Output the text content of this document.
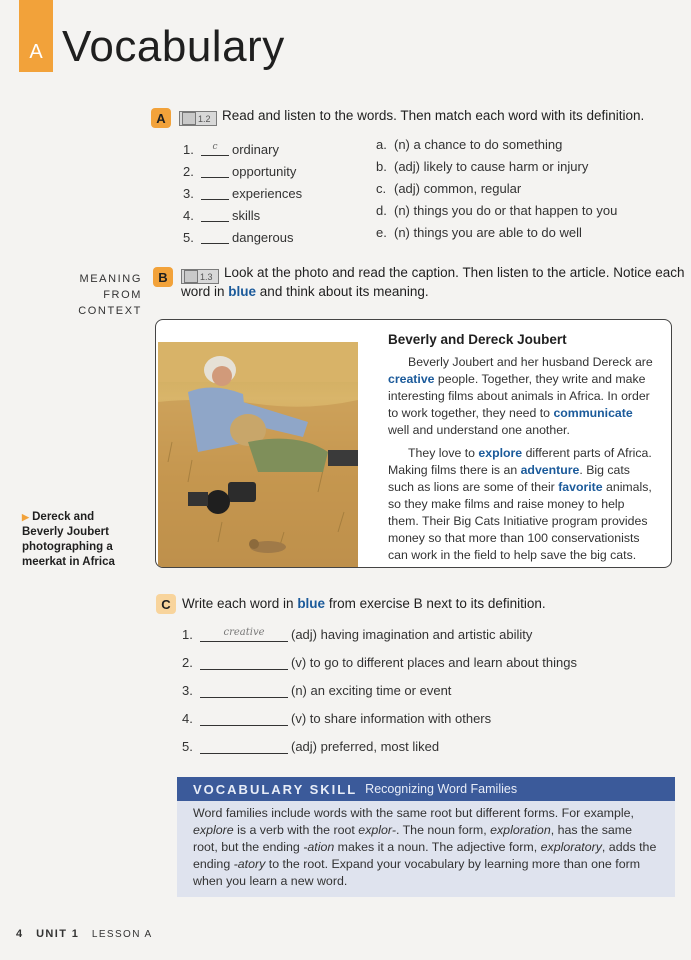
A Vocabulary
A	1.2 Read and listen to the words. Then match each word with its definition.
1.	c	ordinary
2.	opportunity
3.	experiences
4.	skills
5.	dangerous
a. (n) a chance to do something
b. (adj) likely to cause harm or injury
c. (adj) common, regular
d. (n) things you do or that happen to you
e. (n) things you are able to do well
MEANING FROM
CONTEXT
B	1.3 Look at the photo and read the caption. Then listen to the article. Notice each
word in blue and think about its meaning.
Beverly and Dereck Joubert

Beverly Joubert and her husband Dereck are creative people. Together, they write and make interesting films about animals in Africa. In order to work together, they need to communicate well and understand one another.

They love to explore different parts of Africa. Making films there is an adventure. Big cats such as lions are some of their favorite animals, so they make films and raise money to help them. Their Big Cats Initiative program provides money so that more than 100 conservationists can work in the field to help save the big cats.

▶ Dereck and
Beverly Joubert
photographing a
meerkat in Africa
C Write each word in blue from exercise B next to its definition.
1.	creative	(adj) having imagination and artistic ability
2.	(v) to go to different places and learn about things
3.	(n) an exciting time or event
4.	(v) to share information with others
5.	(adj) preferred, most liked
VOCABULARY SKILL Recognizing Word Families
Word families include words with the same root but different forms. For example, explore is a verb with the root explor-. The noun form, exploration, has the same root, but the ending -ation makes it a noun. The adjective form, exploratory, adds the ending -atory to the root. Expand your vocabulary by learning more than one form when you learn a new word.
4 UNIT 1 LESSON A
